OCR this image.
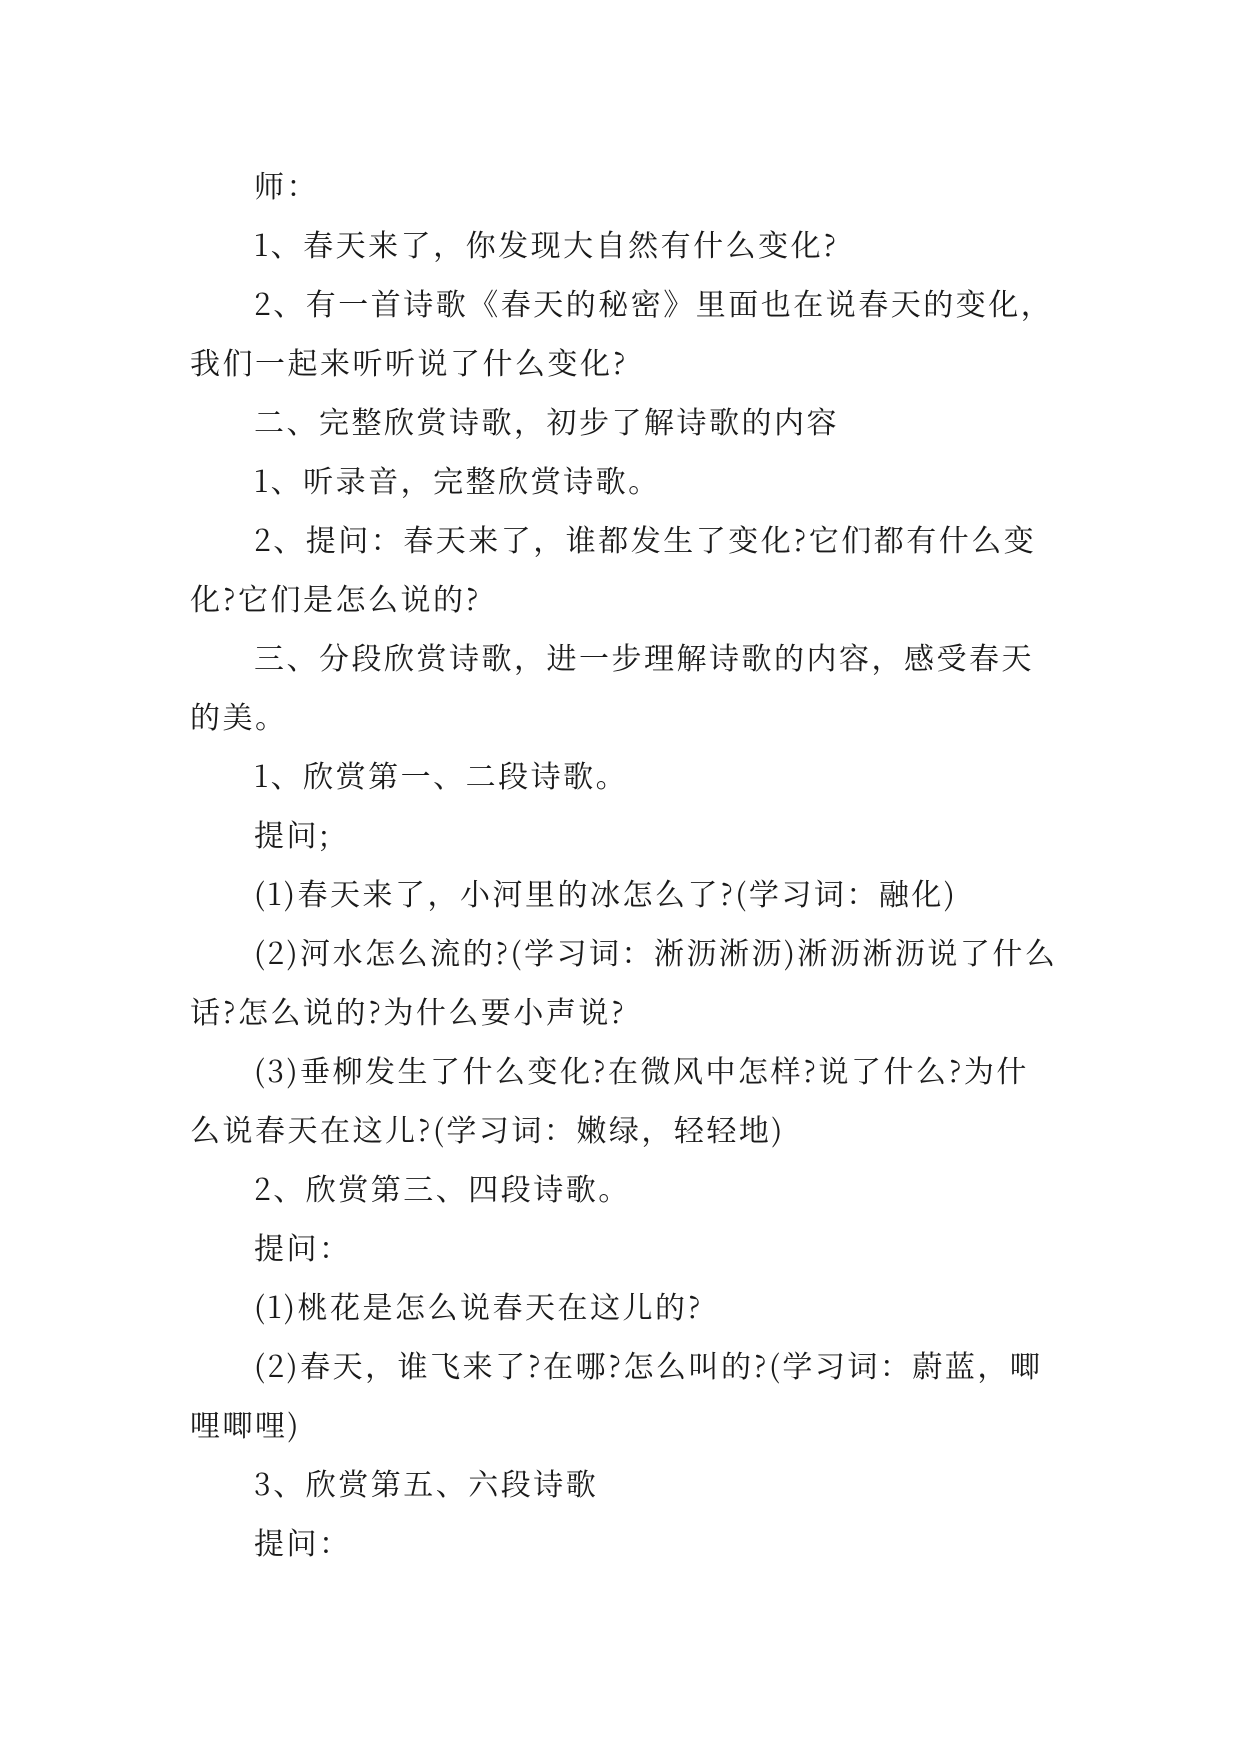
师：

1、春天来了，你发现大自然有什么变化?

2、有一首诗歌《春天的秘密》里面也在说春天的变化，我们一起来听听说了什么变化?

二、完整欣赏诗歌，初步了解诗歌的内容

1、听录音，完整欣赏诗歌。

2、提问：春天来了，谁都发生了变化?它们都有什么变化?它们是怎么说的?

三、分段欣赏诗歌，进一步理解诗歌的内容，感受春天的美。

1、欣赏第一、二段诗歌。

提问;

(1)春天来了，小河里的冰怎么了?(学习词：融化)

(2)河水怎么流的?(学习词：淅沥淅沥)淅沥淅沥说了什么话?怎么说的?为什么要小声说?

(3)垂柳发生了什么变化?在微风中怎样?说了什么?为什么说春天在这儿?(学习词：嫩绿，轻轻地)

2、欣赏第三、四段诗歌。

提问：

(1)桃花是怎么说春天在这儿的?

(2)春天，谁飞来了?在哪?怎么叫的?(学习词：蔚蓝，唧哩唧哩)

3、欣赏第五、六段诗歌

提问：
